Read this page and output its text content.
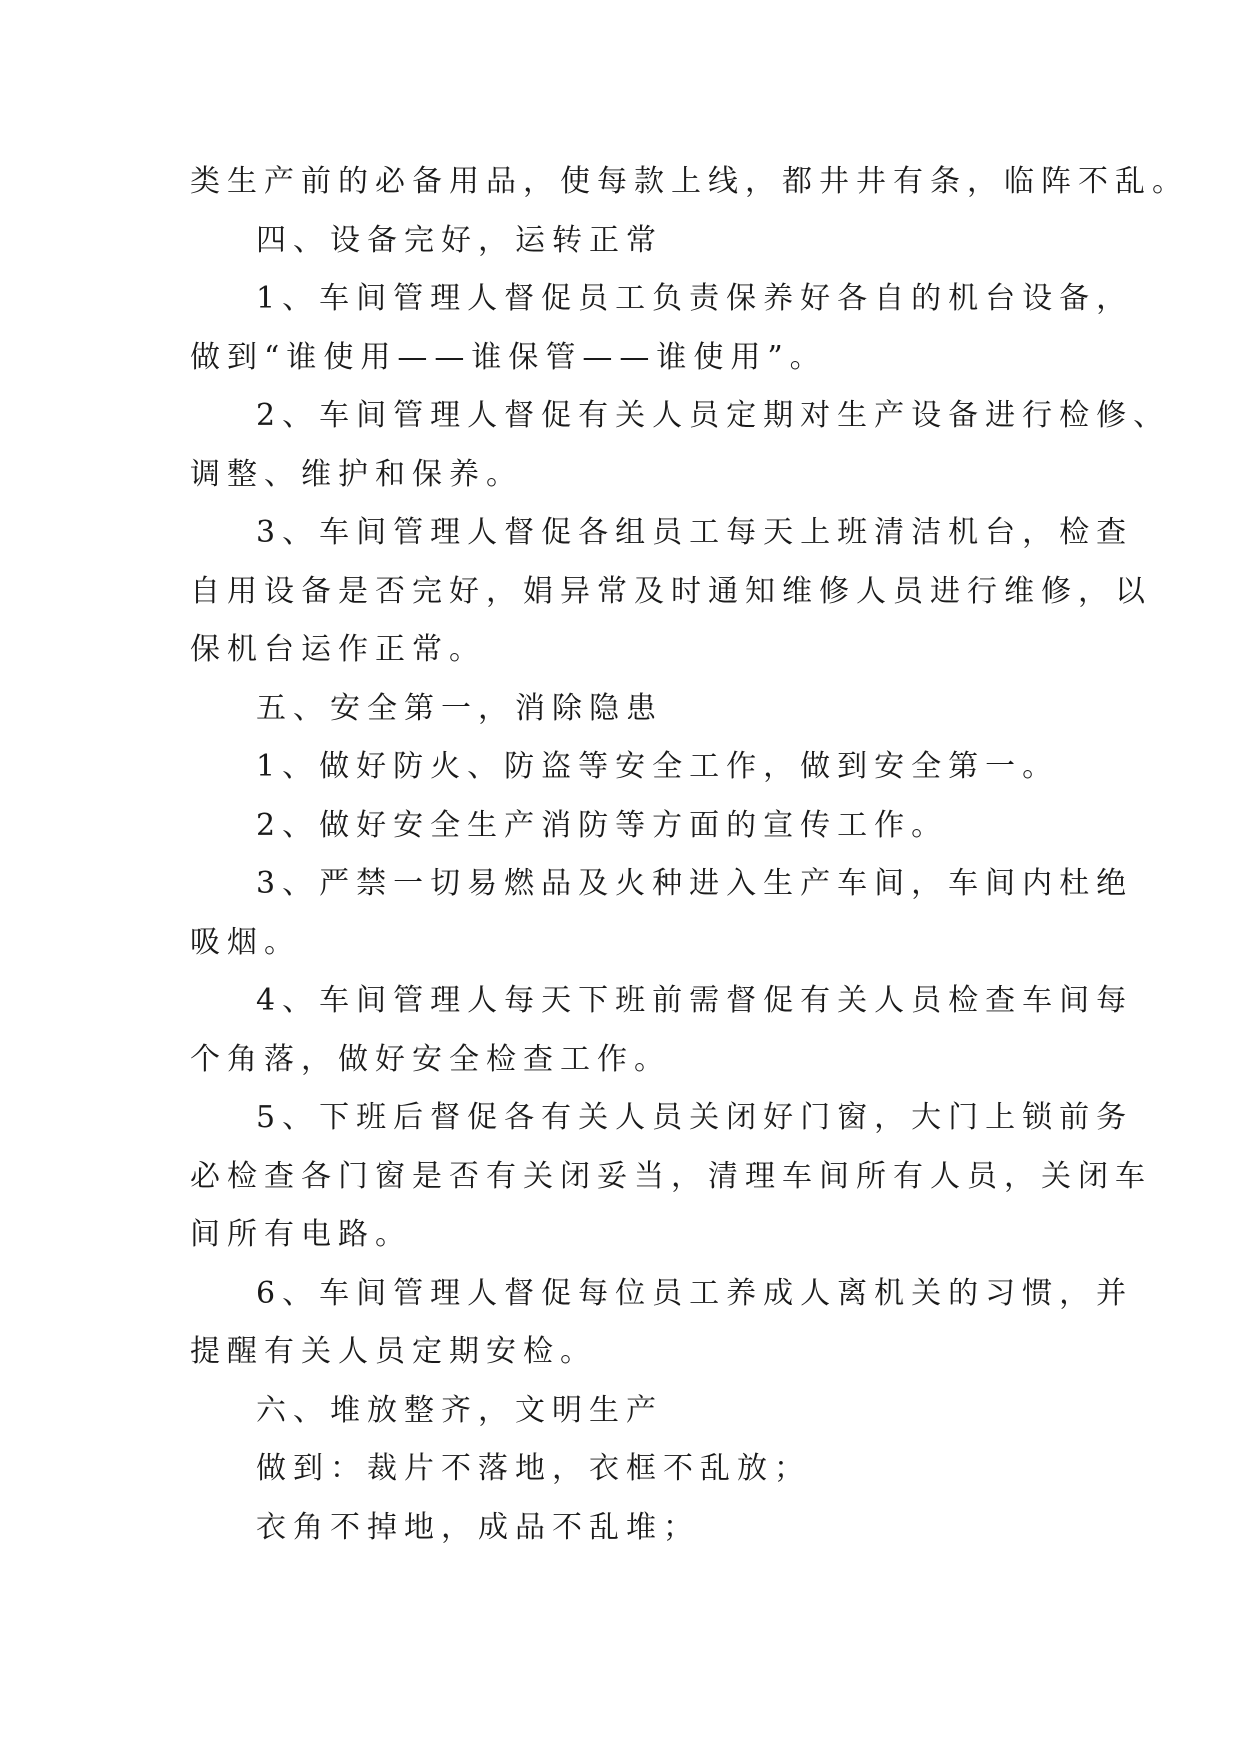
类生产前的必备用品，使每款上线，都井井有条，临阵不乱。
四、设备完好，运转正常
1、车间管理人督促员工负责保养好各自的机台设备，
做到“谁使用——谁保管——谁使用”。
2、车间管理人督促有关人员定期对生产设备进行检修、
调整、维护和保养。
3、车间管理人督促各组员工每天上班清洁机台，检查
自用设备是否完好，娟异常及时通知维修人员进行维修，以
保机台运作正常。
五、安全第一，消除隐患
1、做好防火、防盗等安全工作，做到安全第一。
2、做好安全生产消防等方面的宣传工作。
3、严禁一切易燃品及火种进入生产车间，车间内杜绝
吸烟。
4、车间管理人每天下班前需督促有关人员检查车间每
个角落，做好安全检查工作。
5、下班后督促各有关人员关闭好门窗，大门上锁前务
必检查各门窗是否有关闭妥当，清理车间所有人员，关闭车
间所有电路。
6、车间管理人督促每位员工养成人离机关的习惯，并
提醒有关人员定期安检。
六、堆放整齐，文明生产
做到：裁片不落地，衣框不乱放；
衣角不掉地，成品不乱堆；
